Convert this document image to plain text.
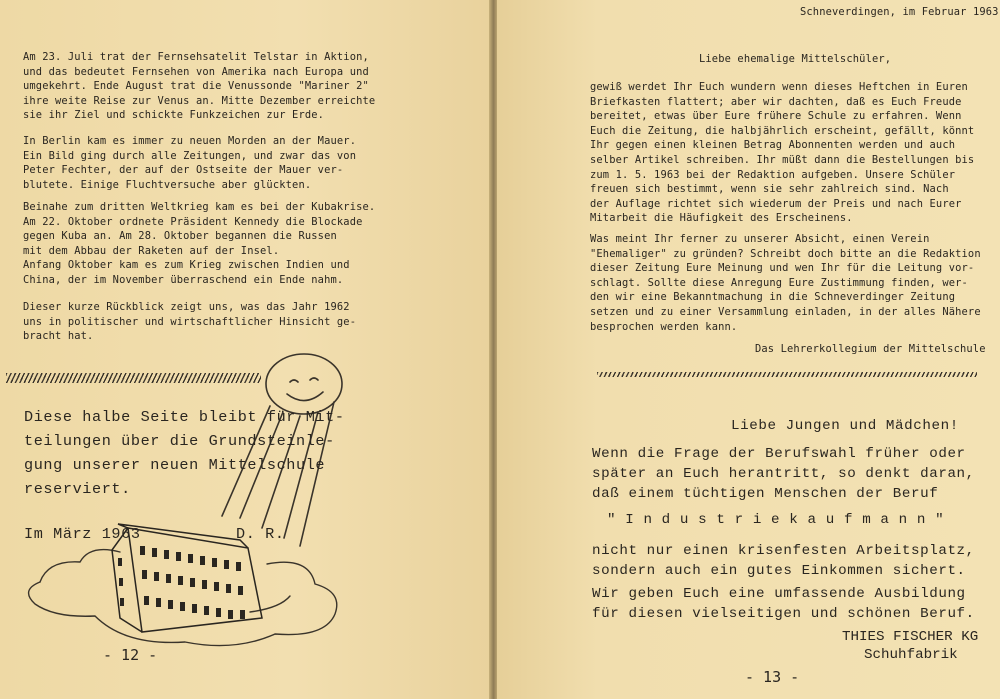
Am 23. Juli trat der Fernsehsatelit Telstar in Aktion,
und das bedeutet Fernsehen von Amerika nach Europa und
umgekehrt. Ende August trat die Venussonde "Mariner 2"
ihre weite Reise zur Venus an. Mitte Dezember erreichte
sie ihr Ziel und schickte Funkzeichen zur Erde.

In Berlin kam es immer zu neuen Morden an der Mauer.
Ein Bild ging durch alle Zeitungen, und zwar das von
Peter Fechter, der auf der Ostseite der Mauer ver-
blutete. Einige Fluchtversuche aber glückten.

Beinahe zum dritten Weltkrieg kam es bei der Kubakrise.
Am 22. Oktober ordnete Präsident Kennedy die Blockade
gegen Kuba an. Am 28. Oktober begannen die Russen
mit dem Abbau der Raketen auf der Insel.
Anfang Oktober kam es zum Krieg zwischen Indien und
China, der im November überraschend ein Ende nahm.

Dieser kurze Rückblick zeigt uns, was das Jahr 1962
uns in politischer und wirtschaftlicher Hinsicht ge-
bracht hat.

Diese halbe Seite bleibt für Mit-
teilungen über die Grundsteinle-
gung unserer neuen Mittelschule
reserviert.

Im März 1963	D. R.

- 12 -

Schneverdingen, im Februar 1963

Liebe ehemalige Mittelschüler,

gewiß werdet Ihr Euch wundern wenn dieses Heftchen in Euren
Briefkasten flattert; aber wir dachten, daß es Euch Freude
bereitet, etwas über Eure frühere Schule zu erfahren. Wenn
Euch die Zeitung, die halbjährlich erscheint, gefällt, könnt
Ihr gegen einen kleinen Betrag Abonnenten werden und auch
selber Artikel schreiben. Ihr müßt dann die Bestellungen bis
zum 1. 5. 1963 bei der Redaktion aufgeben. Unsere Schüler
freuen sich bestimmt, wenn sie sehr zahlreich sind. Nach
der Auflage richtet sich wiederum der Preis und nach Eurer
Mitarbeit die Häufigkeit des Erscheinens.

Was meint Ihr ferner zu unserer Absicht, einen Verein
"Ehemaliger" zu gründen? Schreibt doch bitte an die Redaktion
dieser Zeitung Eure Meinung und wen Ihr für die Leitung vor-
schlagt. Sollte diese Anregung Eure Zustimmung finden, wer-
den wir eine Bekanntmachung in die Schneverdinger Zeitung
setzen und zu einer Versammlung einladen, in der alles Nähere
besprochen werden kann.

Das Lehrerkollegium der Mittelschule

Liebe Jungen und Mädchen!

Wenn die Frage der Berufswahl früher oder
später an Euch herantritt, so denkt daran,
daß einem tüchtigen Menschen der Beruf

" I n d u s t r i e k a u f m a n n "

nicht nur einen krisenfesten Arbeitsplatz,
sondern auch ein gutes Einkommen sichert.

Wir geben Euch eine umfassende Ausbildung
für diesen vielseitigen und schönen Beruf.

THIES FISCHER KG

Schuhfabrik

- 13 -
